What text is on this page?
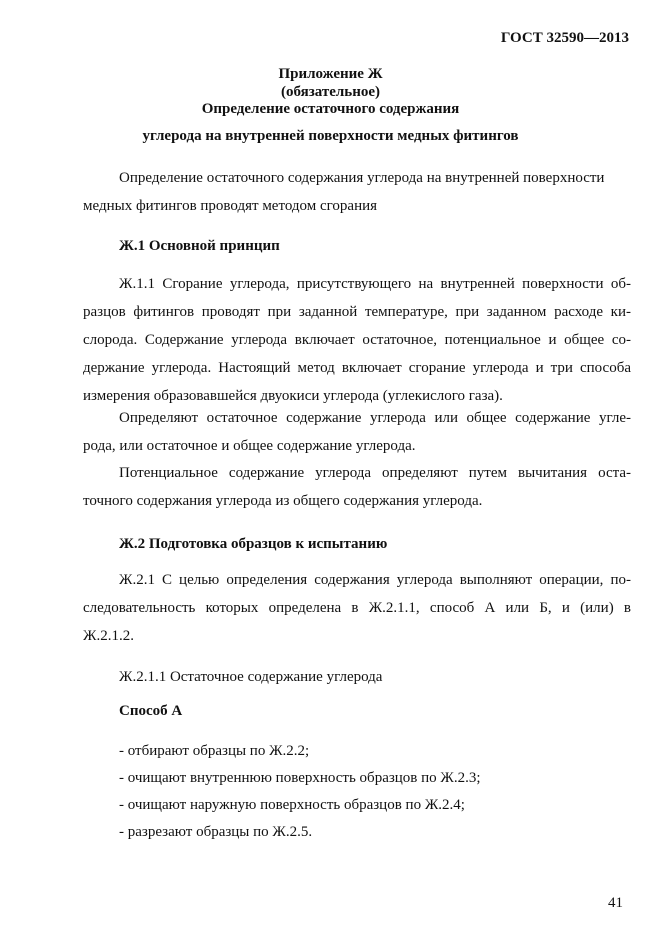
ГОСТ 32590—2013
Приложение Ж
(обязательное)
Определение остаточного содержания
углерода на внутренней поверхности медных фитингов
Определение остаточного содержания углерода на внутренней поверхности
медных фитингов проводят методом сгорания
Ж.1 Основной принцип
Ж.1.1 Сгорание углерода, присутствующего на внутренней поверхности об-
разцов фитингов проводят при заданной температуре, при заданном расходе ки-
слорода. Содержание углерода включает остаточное, потенциальное и общее со-
держание углерода. Настоящий метод включает сгорание углерода и три способа
измерения образовавшейся двуокиси углерода (углекислого газа).
Определяют остаточное содержание углерода или общее содержание угле-
рода, или остаточное и общее содержание углерода.
Потенциальное содержание углерода определяют путем вычитания оста-
точного содержания углерода из общего содержания углерода.
Ж.2 Подготовка образцов к испытанию
Ж.2.1 С целью определения содержания углерода выполняют операции, по-
следовательность которых определена в Ж.2.1.1, способ А или Б, и (или) в
Ж.2.1.2.
Ж.2.1.1 Остаточное содержание углерода
Способ А
- отбирают образцы по Ж.2.2;
- очищают внутреннюю поверхность образцов по Ж.2.3;
- очищают наружную поверхность образцов по Ж.2.4;
- разрезают образцы по Ж.2.5.
41
